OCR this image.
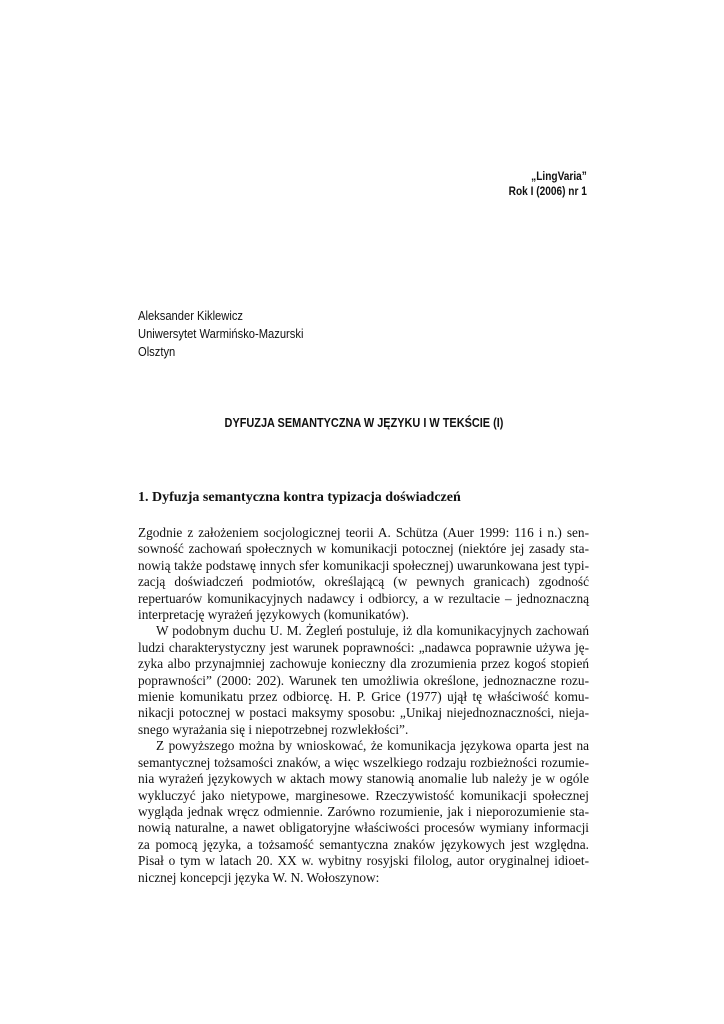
„LingVaria”
Rok I (2006) nr 1
Aleksander Kiklewicz
Uniwersytet Warmińsko-Mazurski
Olsztyn
DYFUZJA SEMANTYCZNA W JĘZYKU I W TEKŚCIE (I)
1. Dyfuzja semantyczna kontra typizacja doświadczeń

Zgodnie z założeniem socjologicznej teorii A. Schütza (Auer 1999: 116 i n.) sensowność zachowań społecznych w komunikacji potocznej (niektóre jej zasady stanowią także podstawę innych sfer komunikacji społecznej) uwarunkowana jest typizacją doświadczeń podmiotów, określającą (w pewnych granicach) zgodność repertuarów komunikacyjnych nadawcy i odbiorcy, a w rezultacie – jednoznaczną interpretację wyrażeń językowych (komunikatów).

W podobnym duchu U. M. Żegleń postuluje, iż dla komunikacyjnych zachowań ludzi charakterystyczny jest warunek poprawności: „nadawca poprawnie używa języka albo przynajmniej zachowuje konieczny dla zrozumienia przez kogoś stopień poprawności” (2000: 202). Warunek ten umożliwia określone, jednoznaczne rozumienie komunikatu przez odbiorcę. H. P. Grice (1977) ujął tę właściwość komunikacji potocznej w postaci maksymy sposobu: „Unikaj niejednoznaczności, niejasnego wyrażania się i niepotrzebnej rozwlekłości”.

Z powyższego można by wnioskować, że komunikacja językowa oparta jest na semantycznej tożsamości znaków, a więc wszelkiego rodzaju rozbieżności rozumienia wyrażeń językowych w aktach mowy stanowią anomalie lub należy je w ogóle wykluczyć jako nietypowe, marginesowe. Rzeczywistość komunikacji społecznej wygląda jednak wręcz odmiennie. Zarówno rozumienie, jak i nieporozumienie stanowią naturalne, a nawet obligatoryjne właściwości procesów wymiany informacji za pomocą języka, a tożsamość semantyczna znaków językowych jest względna. Pisał o tym w latach 20. XX w. wybitny rosyjski filolog, autor oryginalnej idioetnicznej koncepcji języka W. N. Wołoszynow:
